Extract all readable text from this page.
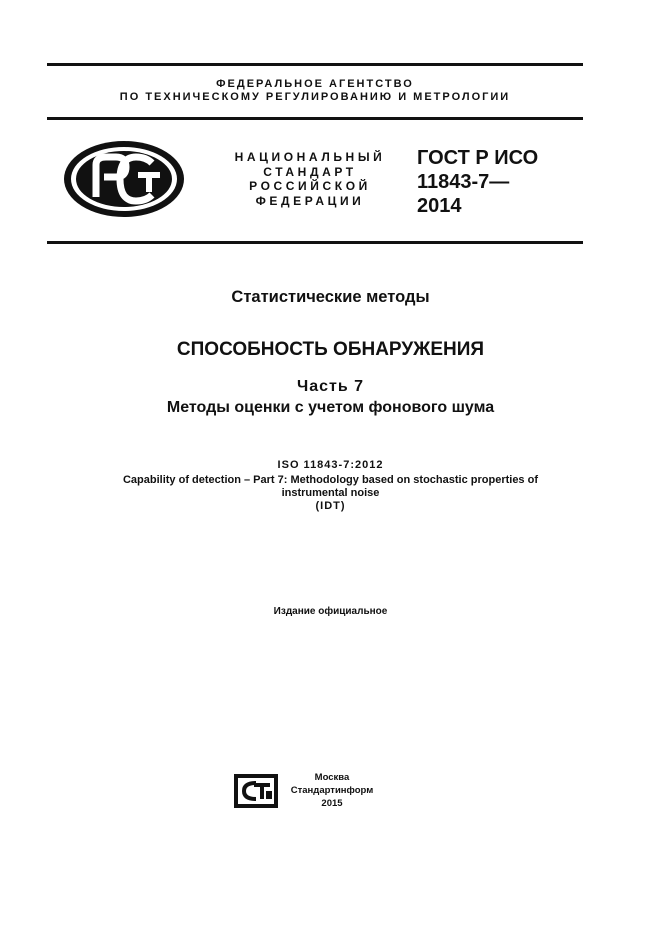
ФЕДЕРАЛЬНОЕ АГЕНТСТВО
ПО ТЕХНИЧЕСКОМУ РЕГУЛИРОВАНИЮ И МЕТРОЛОГИИ
НАЦИОНАЛЬНЫЙ
СТАНДАРТ
РОССИЙСКОЙ
ФЕДЕРАЦИИ
ГОСТ Р ИСО
11843-7—
2014
Статистические методы
СПОСОБНОСТЬ ОБНАРУЖЕНИЯ
Часть 7
Методы оценки с учетом фонового шума
ISO 11843-7:2012
Capability of detection – Part 7: Methodology based on stochastic properties of
instrumental noise
(IDT)
Издание официальное
Москва
Стандартинформ
2015
